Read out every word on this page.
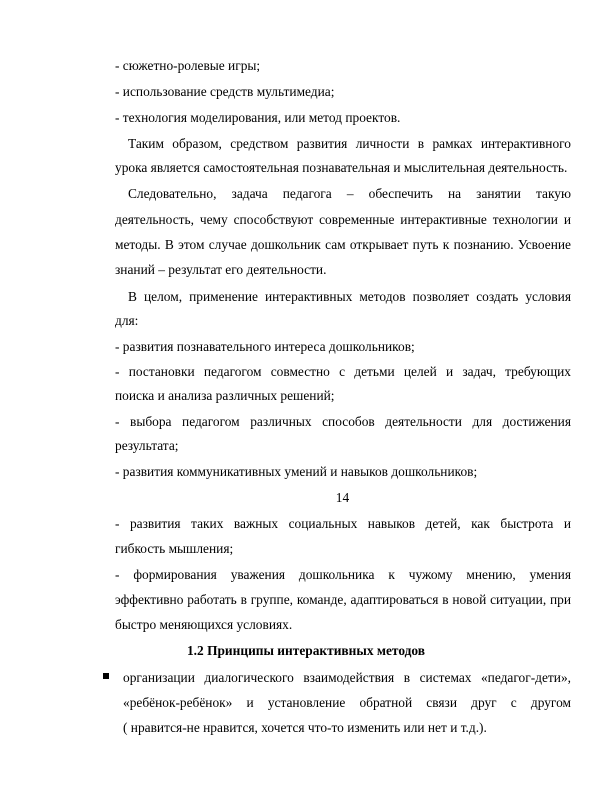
- сюжетно-ролевые игры;
- использование средств мультимедиа;
- технология моделирования, или метод проектов.
Таким образом, средством развития личности в рамках интерактивного
урока является самостоятельная познавательная и мыслительная деятельность.
Следовательно, задача педагога – обеспечить на занятии такую
деятельность, чему способствуют современные интерактивные технологии и
методы. В этом случае дошкольник сам открывает путь к познанию. Усвоение
знаний – результат его деятельности.
В целом, применение интерактивных методов позволяет создать условия
для:
- развития познавательного интереса дошкольников;
- постановки педагогом совместно с детьми целей и задач, требующих
поиска и анализа различных решений;
- выбора педагогом различных способов деятельности для достижения
результата;
- развития коммуникативных умений и навыков дошкольников;
14
- развития таких важных социальных навыков детей, как быстрота и
гибкость мышления;
- формирования уважения дошкольника к чужому мнению, умения
эффективно работать в группе, команде, адаптироваться в новой ситуации, при
быстро меняющихся условиях.
1.2 Принципы интерактивных методов
организации диалогического взаимодействия в системах «педагог-дети»,
«ребёнок-ребёнок» и установление обратной связи друг с другом
( нравится-не нравится, хочется что-то изменить или нет и т.д.).
